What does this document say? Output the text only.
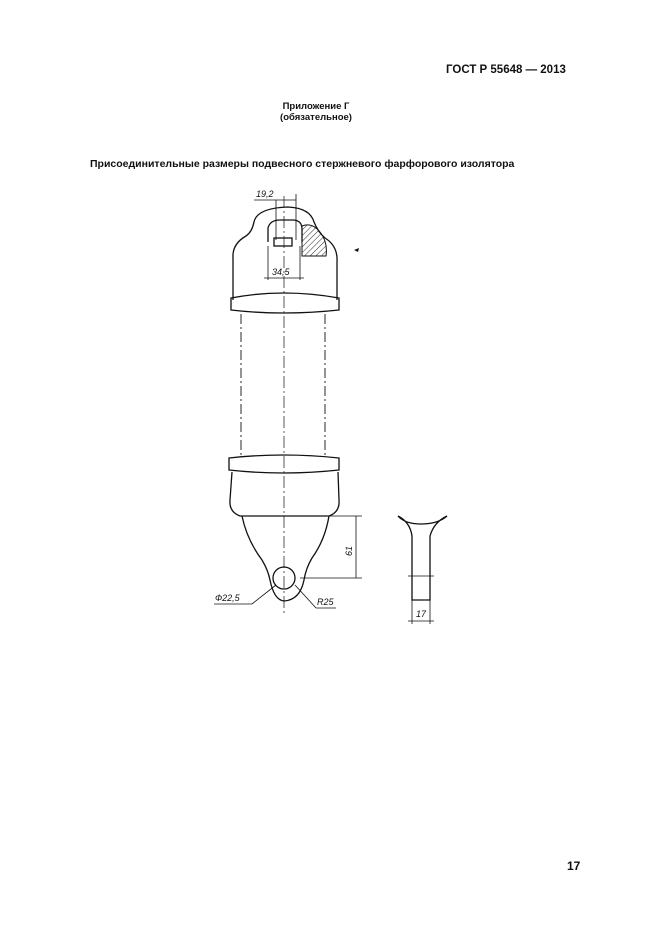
ГОСТ Р 55648 — 2013
Приложение Г
(обязательное)
Присоединительные размеры подвесного стержневого фарфорового изолятора
19,2
34,5
61
Ф22,5	R25
17
17
